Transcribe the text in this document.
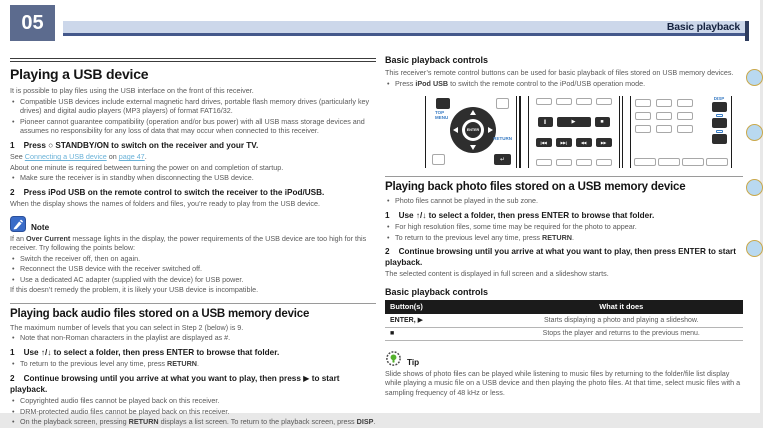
05	Basic playback
Playing a USB device

It is possible to play files using the USB interface on the front of this receiver.

• Compatible USB devices include external magnetic hard drives, portable flash memory drives (particularly key drives) and digital audio players (MP3 players) of format FAT16/32.
• Pioneer cannot guarantee compatibility (operation and/or bus power) with all USB mass storage devices and assumes no responsibility for any loss of data that may occur when connected to this receiver.

1 Press ○ STANDBY/ON to switch on the receiver and your TV.

See Connecting a USB device on page 47.

About one minute is required between turning the power on and completion of startup.

• Make sure the receiver is in standby when disconnecting the USB device.

2 Press iPod USB on the remote control to switch the receiver to the iPod/USB.

When the display shows the names of folders and files, you’re ready to play from the USB device.

Note

If an Over Current message lights in the display, the power requirements of the USB device are too high for this receiver. Try following the points below:

• Switch the receiver off, then on again.
• Reconnect the USB device with the receiver switched off.
• Use a dedicated AC adapter (supplied with the device) for USB power.

If this doesn’t remedy the problem, it is likely your USB device is incompatible.

Playing back audio files stored on a USB memory device

The maximum number of levels that you can select in Step 2 (below) is 9.

• Note that non-Roman characters in the playlist are displayed as #.

1 Use ↑/↓ to select a folder, then press ENTER to browse that folder.

• To return to the previous level any time, press RETURN.

2 Continue browsing until you arrive at what you want to play, then press ▶ to start playback.

• Copyrighted audio files cannot be played back on this receiver.
• DRM-protected audio files cannot be played back on this receiver.
• On the playback screen, pressing RETURN displays a list screen. To return to the playback screen, press DISP.
Basic playback controls

This receiver’s remote control buttons can be used for basic playback of files stored on USB memory devices.

• Press iPod USB to switch the remote control to the iPod/USB operation mode.
TOP
MENU
ENTER
RETURN
↵
||	▶	■
|◀◀	▶▶|	◀◀	▶▶
DISP
Playing back photo files stored on a USB memory device
• Photo files cannot be played in the sub zone.

1 Use ↑/↓ to select a folder, then press ENTER to browse that folder.

• For high resolution files, some time may be required for the photo to appear.
• To return to the previous level any time, press RETURN.

2 Continue browsing until you arrive at what you want to play, then press ENTER to start playback.

The selected content is displayed in full screen and a slideshow starts.

Basic playback controls
Button(s)	What it does
ENTER, ▶	Starts displaying a photo and playing a slideshow.
■	Stops the player and returns to the previous menu.
Tip

Slide shows of photo files can be played while listening to music files by returning to the folder/file list display while playing a music file on a USB device and then playing the photo files. At that time, select music files with a sampling frequency of 48 kHz or less.
